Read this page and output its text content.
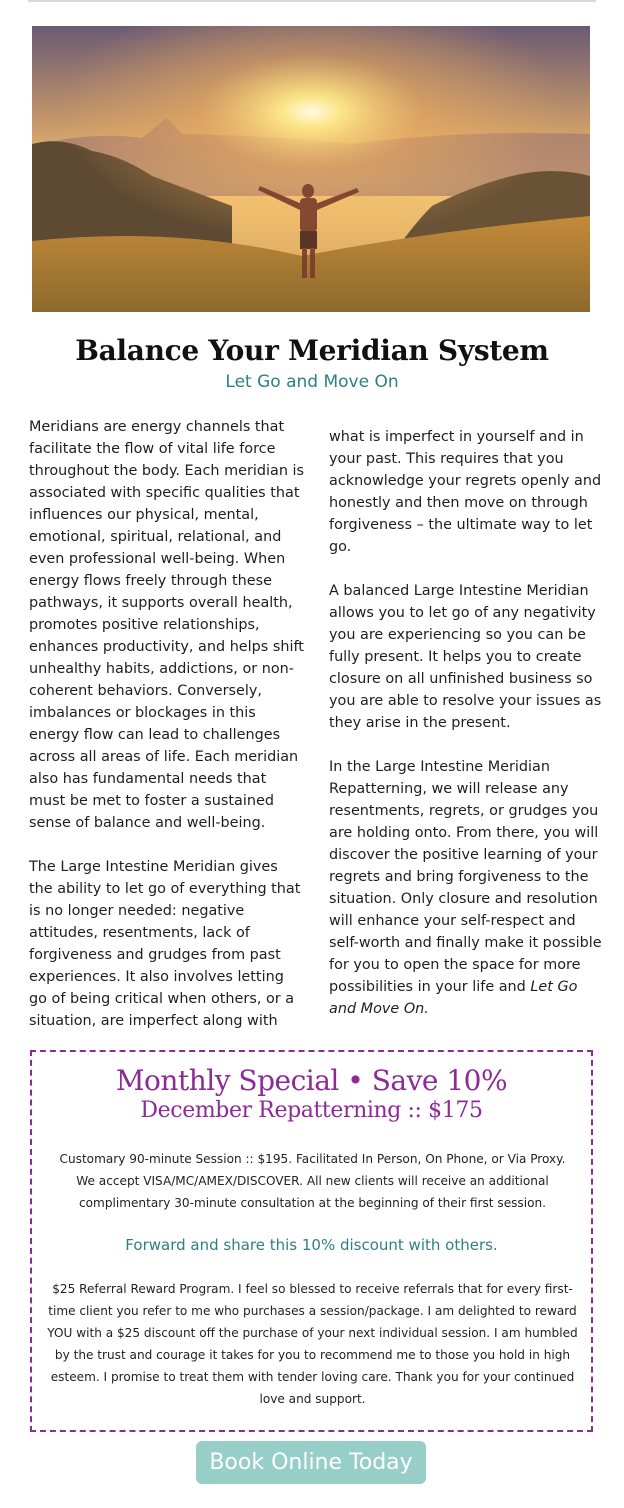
Balance Your Meridian System
Let Go and Move On

Meridians are energy channels that facilitate the flow of vital life force throughout the body. Each meridian is associated with specific qualities that influences our physical, mental, emotional, spiritual, relational, and even professional well-being. When energy flows freely through these pathways, it supports overall health, promotes positive relationships, enhances productivity, and helps shift unhealthy habits, addictions, or non-coherent behaviors. Conversely, imbalances or blockages in this energy flow can lead to challenges across all areas of life. Each meridian also has fundamental needs that must be met to foster a sustained sense of balance and well-being.

The Large Intestine Meridian gives the ability to let go of everything that is no longer needed: negative attitudes, resentments, lack of forgiveness and grudges from past experiences. It also involves letting go of being critical when others, or a situation, are imperfect along with

what is imperfect in yourself and in your past. This requires that you acknowledge your regrets openly and honestly and then move on through forgiveness – the ultimate way to let go.

A balanced Large Intestine Meridian allows you to let go of any negativity you are experiencing so you can be fully present. It helps you to create closure on all unfinished business so you are able to resolve your issues as they arise in the present.

In the Large Intestine Meridian Repatterning, we will release any resentments, regrets, or grudges you are holding onto. From there, you will discover the positive learning of your regrets and bring forgiveness to the situation. Only closure and resolution will enhance your self-respect and self-worth and finally make it possible for you to open the space for more possibilities in your life and Let Go and Move On.

Monthly Special • Save 10%
December Repatterning :: $175
Customary 90-minute Session :: $195. Facilitated In Person, On Phone, or Via Proxy. We accept VISA/MC/AMEX/DISCOVER. All new clients will receive an additional complimentary 30-minute consultation at the beginning of their first session.
Forward and share this 10% discount with others.
$25 Referral Reward Program. I feel so blessed to receive referrals that for every first-time client you refer to me who purchases a session/package. I am delighted to reward YOU with a $25 discount off the purchase of your next individual session. I am humbled by the trust and courage it takes for you to recommend me to those you hold in high esteem. I promise to treat them with tender loving care. Thank you for your continued love and support.
Book Online Today
